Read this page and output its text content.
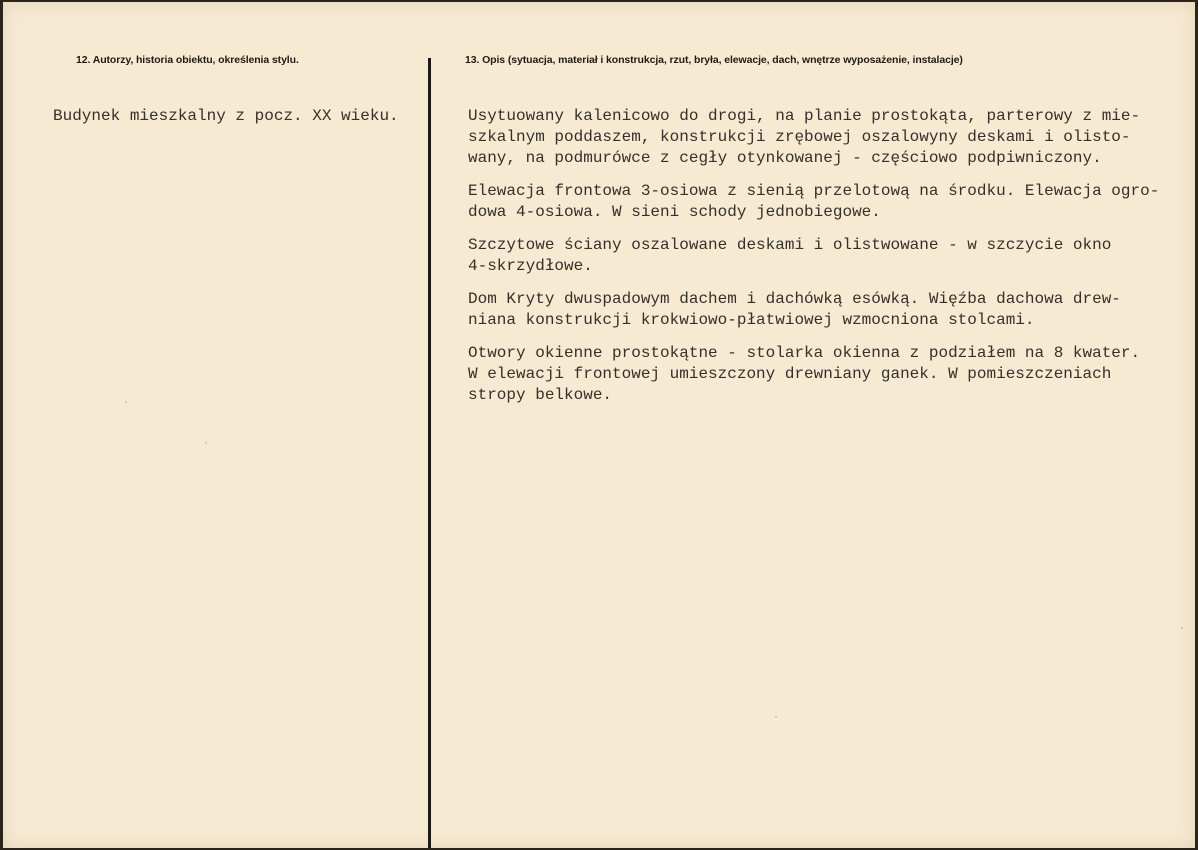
12. Autorzy, historia obiektu, określenia stylu.	13. Opis (sytuacja, materiał i konstrukcja, rzut, bryła, elewacje, dach, wnętrze wyposażenie, instalacje)
Budynek mieszkalny z pocz. XX wieku.	Usytuowany kalenicowo do drogi, na planie prostokąta, parterowy z mie-
szkalnym poddaszem, konstrukcji zrębowej oszalowyny deskami i olisto-
wany, na podmurówce z cegły otynkowanej - częściowo podpiwniczony.

Elewacja frontowa 3-osiowa z sienią przelotową na środku. Elewacja ogro-
dowa 4-osiowa. W sieni schody jednobiegowe.

Szczytowe ściany oszalowane deskami i olistwowane - w szczycie okno
4-skrzydłowe.

Dom Kryty dwuspadowym dachem i dachówką esówką. Więźba dachowa drew-
niana konstrukcji krokwiowo-płatwiowej wzmocniona stolcami.

Otwory okienne prostokątne - stolarka okienna z podziałem na 8 kwater.
W elewacji frontowej umieszczony drewniany ganek. W pomieszczeniach
stropy belkowe.
